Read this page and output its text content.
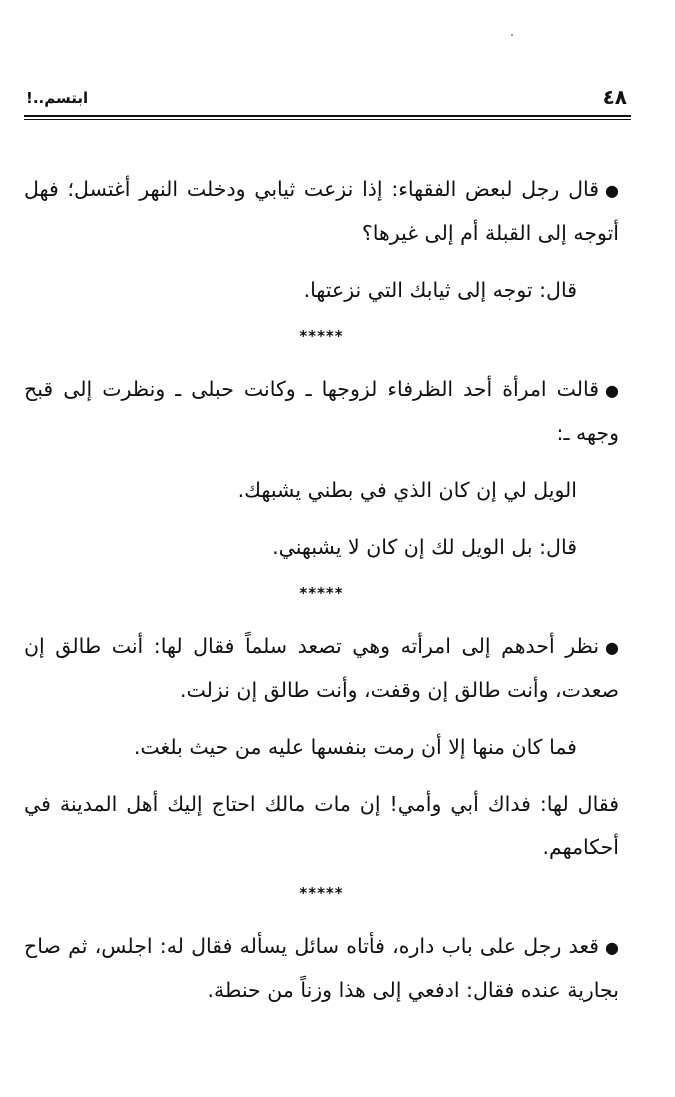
٤٨
ابتسم..!

●قال رجل لبعض الفقهاء: إذا نزعت ثيابي ودخلت النهر أغتسل؛ فهل أتوجه إلى القبلة أم إلى غيرها؟

قال: توجه إلى ثيابك التي نزعتها.

*****

●قالت امرأة أحد الظرفاء لزوجها ـ وكانت حبلى ـ ونظرت إلى قبح وجهه ـ:

الويل لي إن كان الذي في بطني يشبهك.

قال: بل الويل لك إن كان لا يشبهني.

*****

●نظر أحدهم إلى امرأته وهي تصعد سلماً فقال لها: أنت طالق إن صعدت، وأنت طالق إن وقفت، وأنت طالق إن نزلت.

فما كان منها إلا أن رمت بنفسها عليه من حيث بلغت.

فقال لها: فداك أبي وأمي! إن مات مالك احتاج إليك أهل المدينة في أحكامهم.

*****

●قعد رجل على باب داره، فأتاه سائل يسأله فقال له: اجلس، ثم صاح بجارية عنده فقال: ادفعي إلى هذا وزناً من حنطة.
